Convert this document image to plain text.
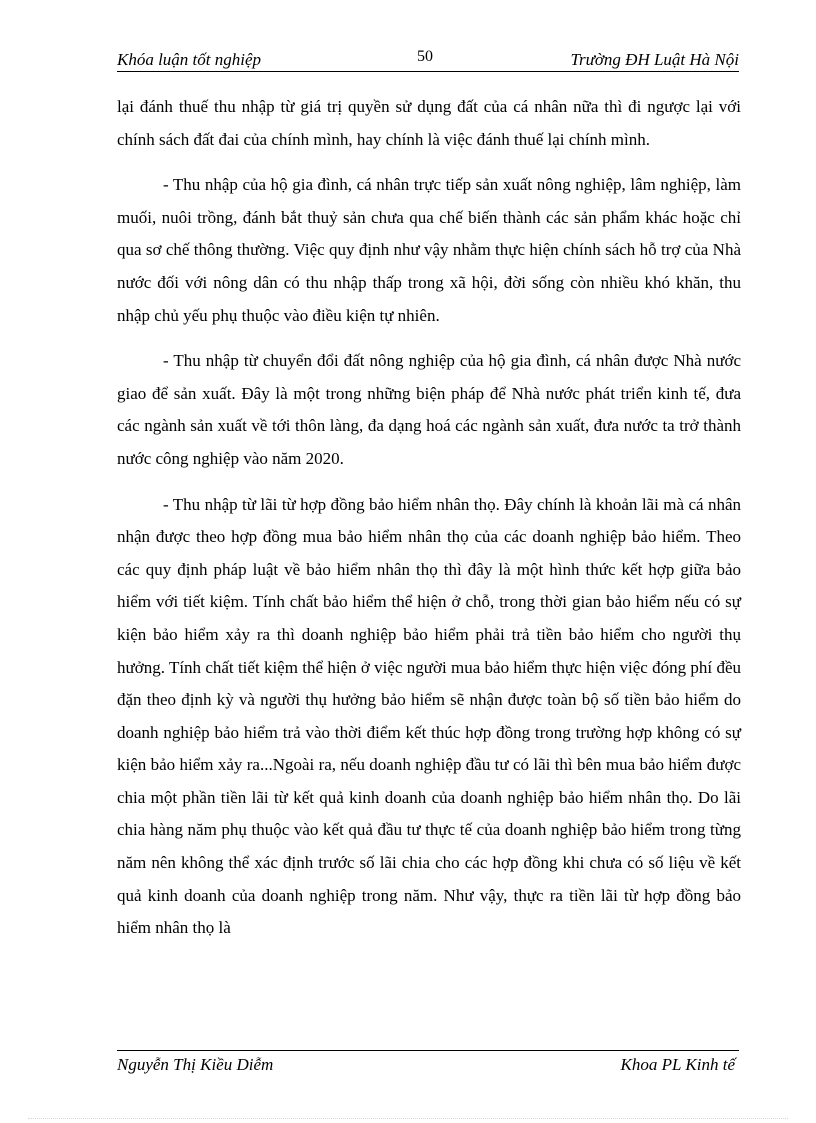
Khóa luận tốt nghiệp	50	Trường ĐH Luật Hà Nội

lại đánh thuế thu nhập từ giá trị quyền sử dụng đất của cá nhân nữa thì đi ngược lại với chính sách đất đai của chính mình, hay chính là việc đánh thuế lại chính mình.

- Thu nhập của hộ gia đình, cá nhân trực tiếp sản xuất nông nghiệp, lâm nghiệp, làm muối, nuôi trồng, đánh bắt thuỷ sản chưa qua chế biến thành các sản phẩm khác hoặc chỉ qua sơ chế thông thường. Việc quy định như vậy nhằm thực hiện chính sách hỗ trợ của Nhà nước đối với nông dân có thu nhập thấp trong xã hội, đời sống còn nhiều khó khăn, thu nhập chủ yếu phụ thuộc vào điều kiện tự nhiên.

- Thu nhập từ chuyển đổi đất nông nghiệp của hộ gia đình, cá nhân được Nhà nước giao để sản xuất. Đây là một trong những biện pháp để Nhà nước phát triển kinh tế, đưa các ngành sản xuất về tới thôn làng, đa dạng hoá các ngành sản xuất, đưa nước ta trở thành nước công nghiệp vào năm 2020.

- Thu nhập từ lãi từ hợp đồng bảo hiểm nhân thọ. Đây chính là khoản lãi mà cá nhân nhận được theo hợp đồng mua bảo hiểm nhân thọ của các doanh nghiệp bảo hiểm. Theo các quy định pháp luật về bảo hiểm nhân thọ thì đây là một hình thức kết hợp giữa bảo hiểm với tiết kiệm. Tính chất bảo hiểm thể hiện ở chỗ, trong thời gian bảo hiểm nếu có sự kiện bảo hiểm xảy ra thì doanh nghiệp bảo hiểm phải trả tiền bảo hiểm cho người thụ hưởng. Tính chất tiết kiệm thể hiện ở việc người mua bảo hiểm thực hiện việc đóng phí đều đặn theo định kỳ và người thụ hưởng bảo hiểm sẽ nhận được toàn bộ số tiền bảo hiểm do doanh nghiệp bảo hiểm trả vào thời điểm kết thúc hợp đồng trong trường hợp không có sự kiện bảo hiểm xảy ra...Ngoài ra, nếu doanh nghiệp đầu tư có lãi thì bên mua bảo hiểm được chia một phần tiền lãi từ kết quả kinh doanh của doanh nghiệp bảo hiểm nhân thọ. Do lãi chia hàng năm phụ thuộc vào kết quả đầu tư thực tế của doanh nghiệp bảo hiểm trong từng năm nên không thể xác định trước số lãi chia cho các hợp đồng khi chưa có số liệu về kết quả kinh doanh của doanh nghiệp trong năm. Như vậy, thực ra tiền lãi từ hợp đồng bảo hiểm nhân thọ là

Nguyễn Thị Kiều Diễm	Khoa PL Kinh tế
